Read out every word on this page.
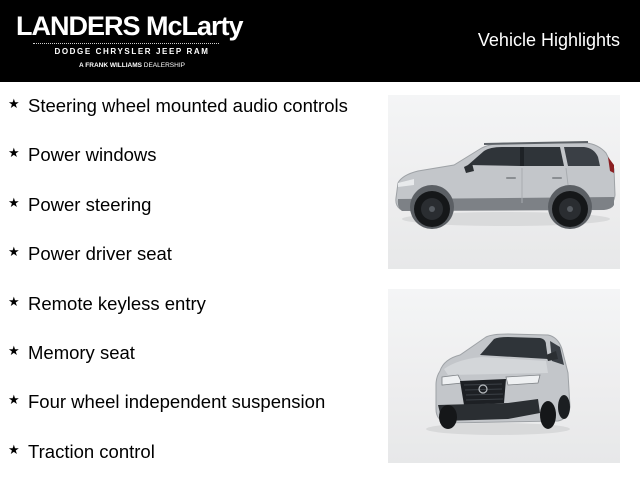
LANDERS McLarty
DODGE CHRYSLER JEEP RAM
A FRANK WILLIAMS DEALERSHIP
Vehicle Highlights
★ Steering wheel mounted audio controls
★ Power windows
★ Power steering
★ Power driver seat
★ Remote keyless entry
★ Memory seat
★ Four wheel independent suspension
★ Traction control
